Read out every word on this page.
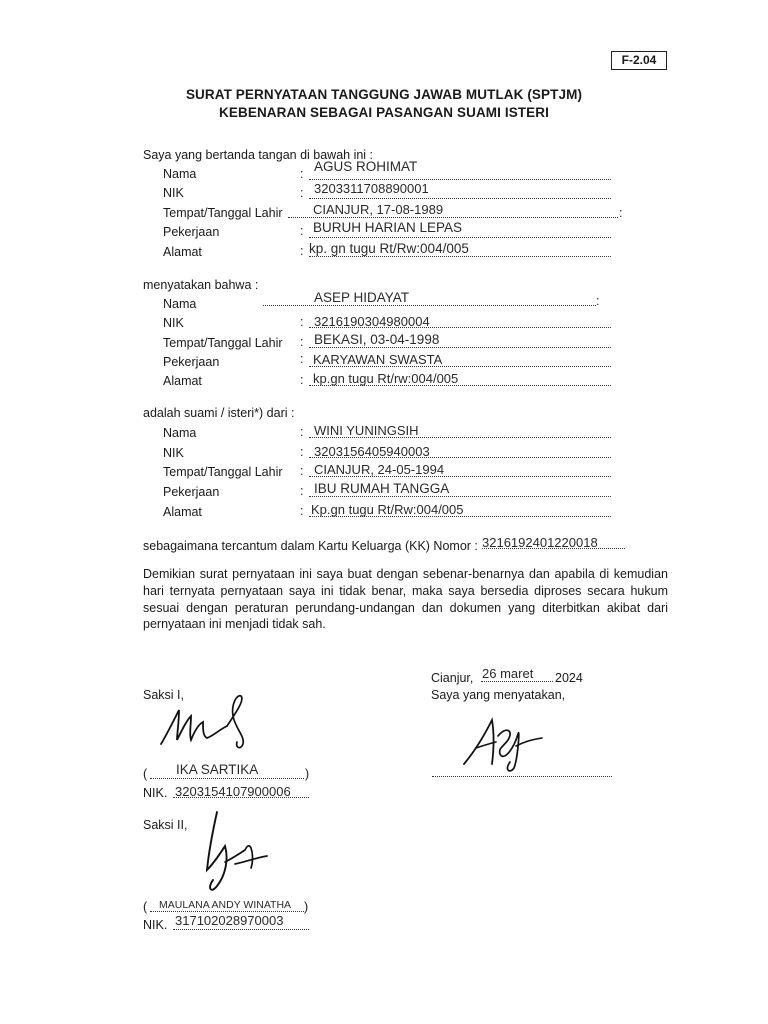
F-2.04
SURAT PERNYATAAN TANGGUNG JAWAB MUTLAK (SPTJM)
KEBENARAN SEBAGAI PASANGAN SUAMI ISTERI
Saya yang bertanda tangan di bawah ini :
Nama	: AGUS ROHIMAT
NIK	: 3203311708890001
Tempat/Tanggal Lahir	:
CIANJUR, 17-08-1989
Pekerjaan	: BURUH HARIAN LEPAS
Alamat	: kp. gn tugu Rt/Rw:004/005
menyatakan bahwa :
Nama	:
ASEP HIDAYAT
NIK	: 3216190304980004
Tempat/Tanggal Lahir : BEKASI, 03-04-1998
Pekerjaan	: KARYAWAN SWASTA
Alamat	: kp.gn tugu Rt/rw:004/005
adalah suami / isteri*) dari :
Nama	: WINI YUNINGSIH
NIK	: 3203156405940003
Tempat/Tanggal Lahir : CIANJUR, 24-05-1994
Pekerjaan	: IBU RUMAH TANGGA
Alamat	: Kp.gn tugu Rt/Rw:004/005
sebagaimana tercantum dalam Kartu Keluarga (KK) Nomor : 3216192401220018
Demikian surat pernyataan ini saya buat dengan sebenar-benarnya dan apabila di kemudian hari ternyata pernyataan saya ini tidak benar, maka saya bersedia diproses secara hukum sesuai dengan peraturan perundang-undangan dan dokumen yang diterbitkan akibat dari pernyataan ini menjadi tidak sah.
Cianjur, 26 maret 2024
Saya yang menyatakan,
Saksi I,
( IKA SARTIKA	)
NIK. 3203154107900006
Saksi II,
( MAULANA ANDY WINATHA )
NIK. 317102028970003
